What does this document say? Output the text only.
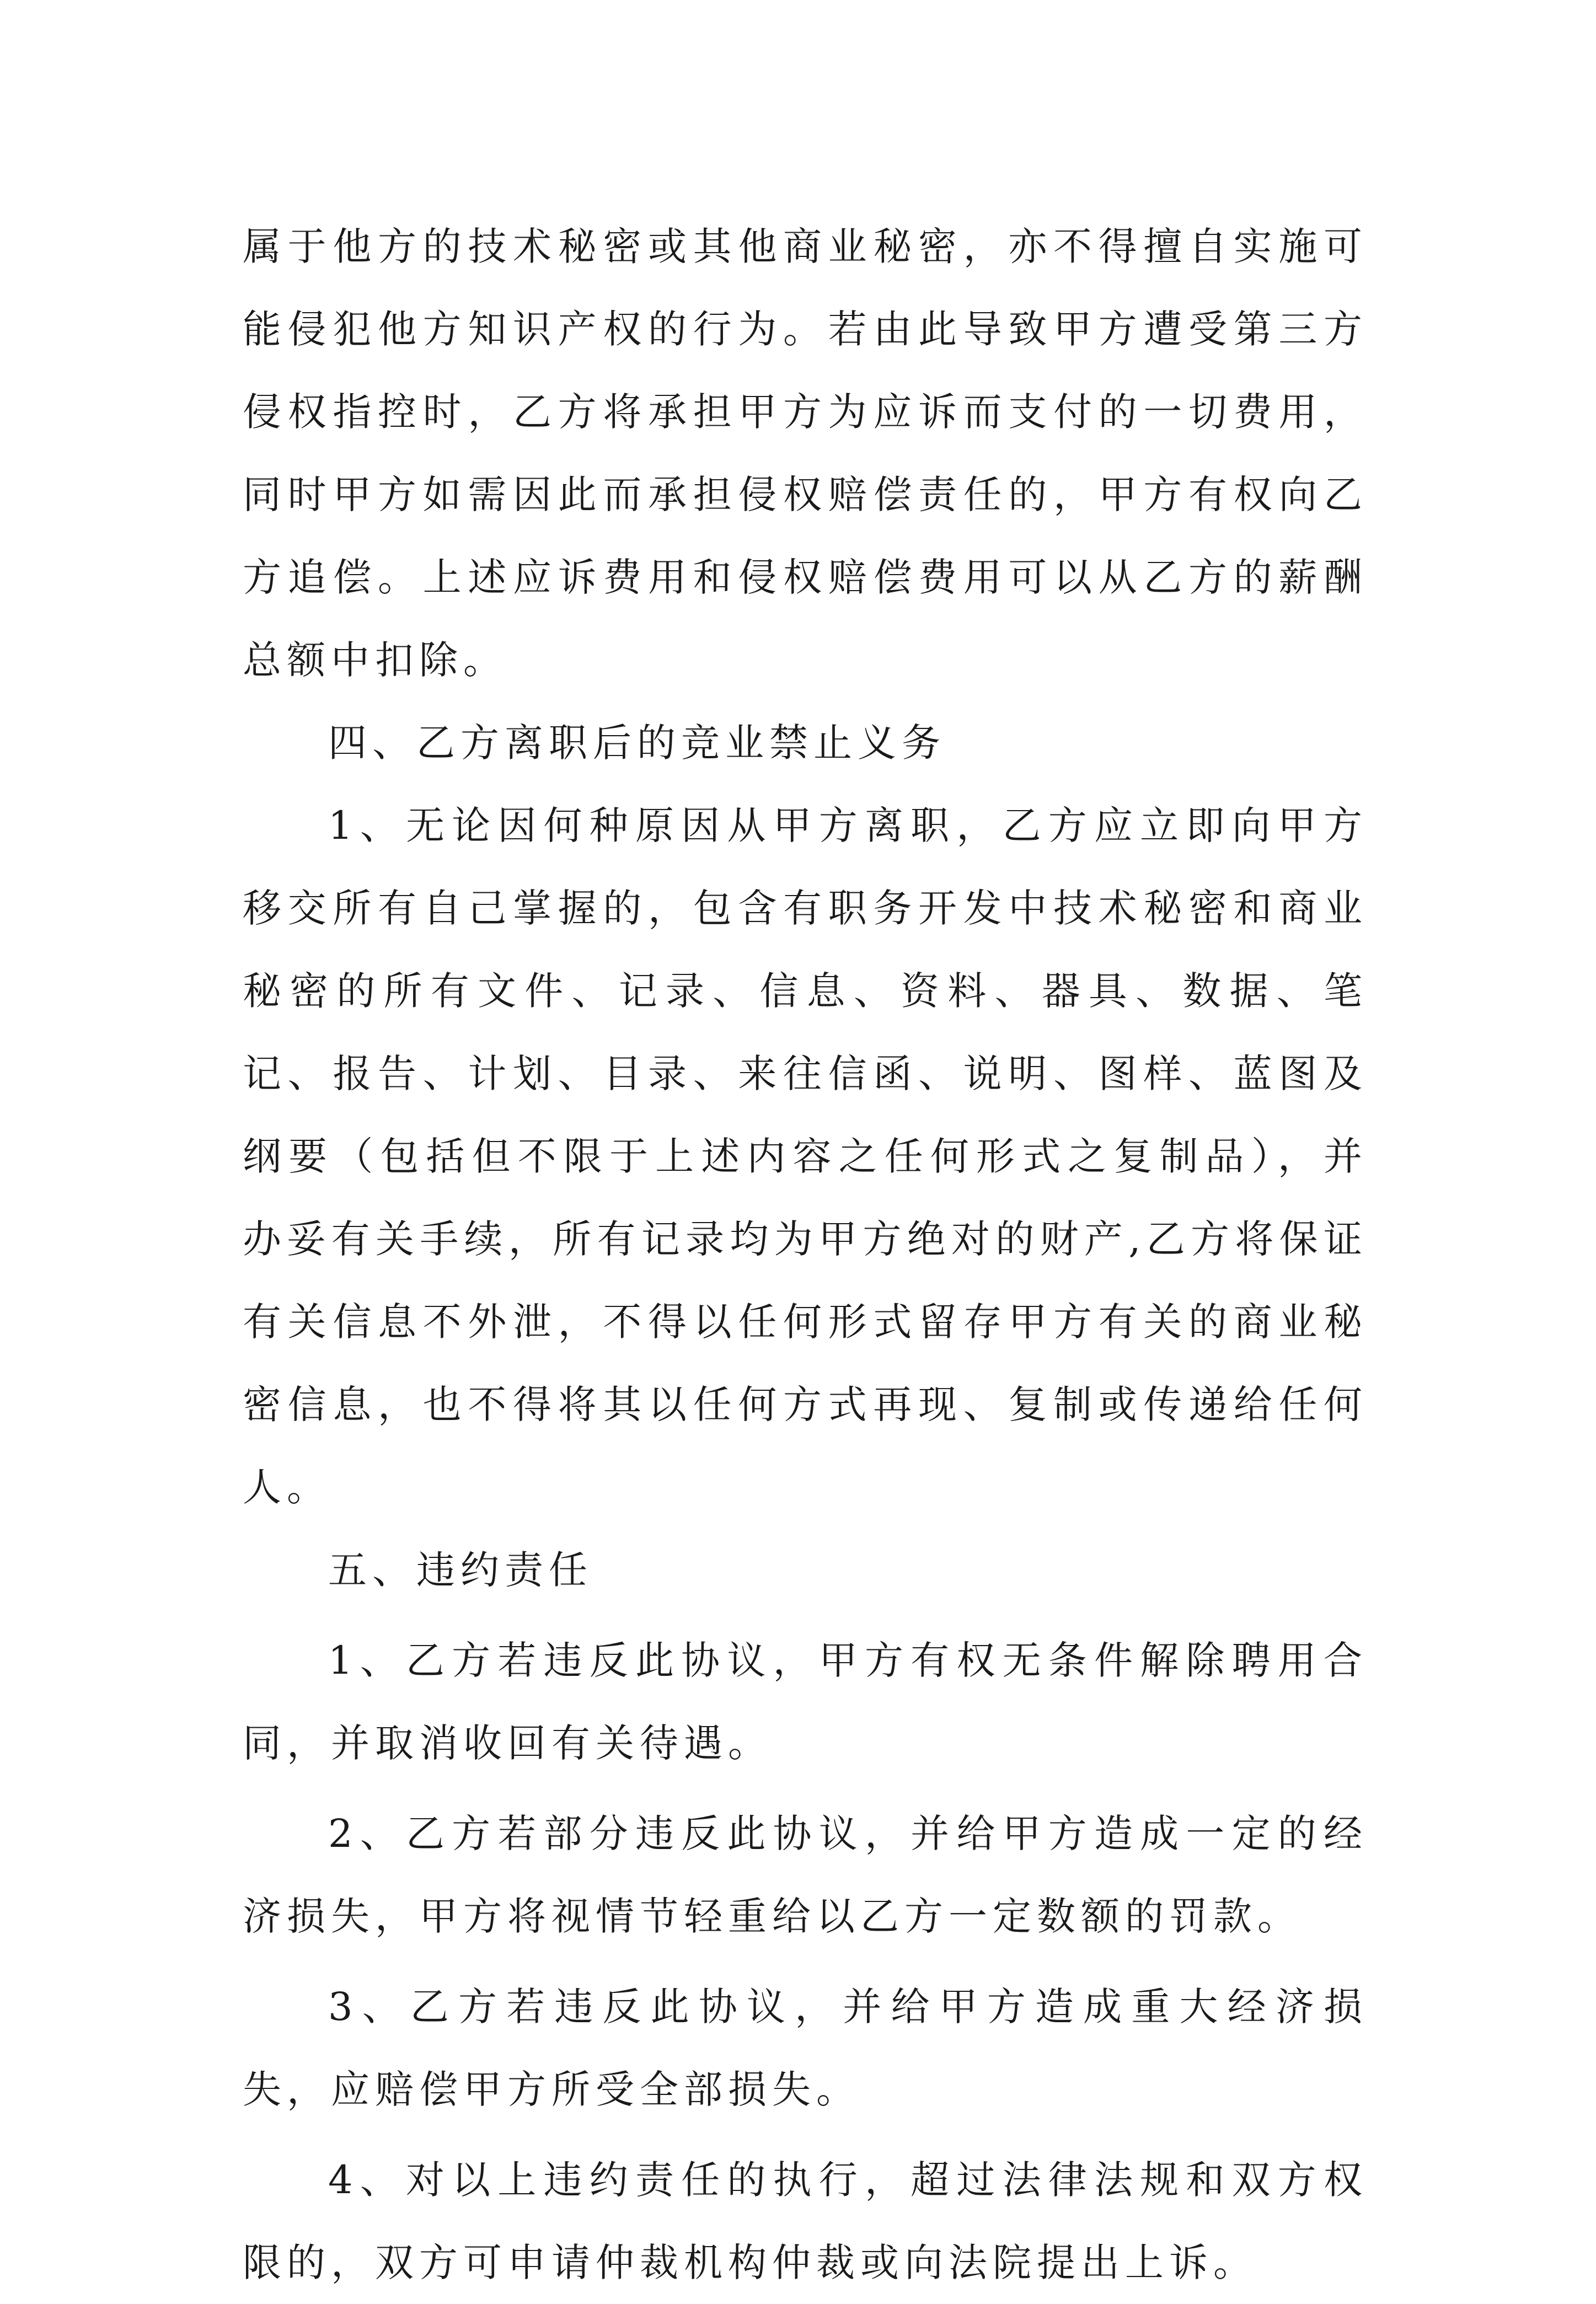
属于他方的技术秘密或其他商业秘密，亦不得擅自实施可能侵犯他方知识产权的行为。若由此导致甲方遭受第三方侵权指控时，乙方将承担甲方为应诉而支付的一切费用，同时甲方如需因此而承担侵权赔偿责任的，甲方有权向乙方追偿。上述应诉费用和侵权赔偿费用可以从乙方的薪酬总额中扣除。

四、乙方离职后的竞业禁止义务

1、无论因何种原因从甲方离职，乙方应立即向甲方移交所有自己掌握的，包含有职务开发中技术秘密和商业秘密的所有文件、记录、信息、资料、器具、数据、笔记、报告、计划、目录、来往信函、说明、图样、蓝图及纲要（包括但不限于上述内容之任何形式之复制品），并办妥有关手续，所有记录均为甲方绝对的财产,乙方将保证有关信息不外泄，不得以任何形式留存甲方有关的商业秘密信息，也不得将其以任何方式再现、复制或传递给任何人。

五、违约责任

1、乙方若违反此协议，甲方有权无条件解除聘用合同，并取消收回有关待遇。

2、乙方若部分违反此协议，并给甲方造成一定的经济损失，甲方将视情节轻重给以乙方一定数额的罚款。

3、乙方若违反此协议，并给甲方造成重大经济损失，应赔偿甲方所受全部损失。

4、对以上违约责任的执行，超过法律法规和双方权限的，双方可申请仲裁机构仲裁或向法院提出上诉。
